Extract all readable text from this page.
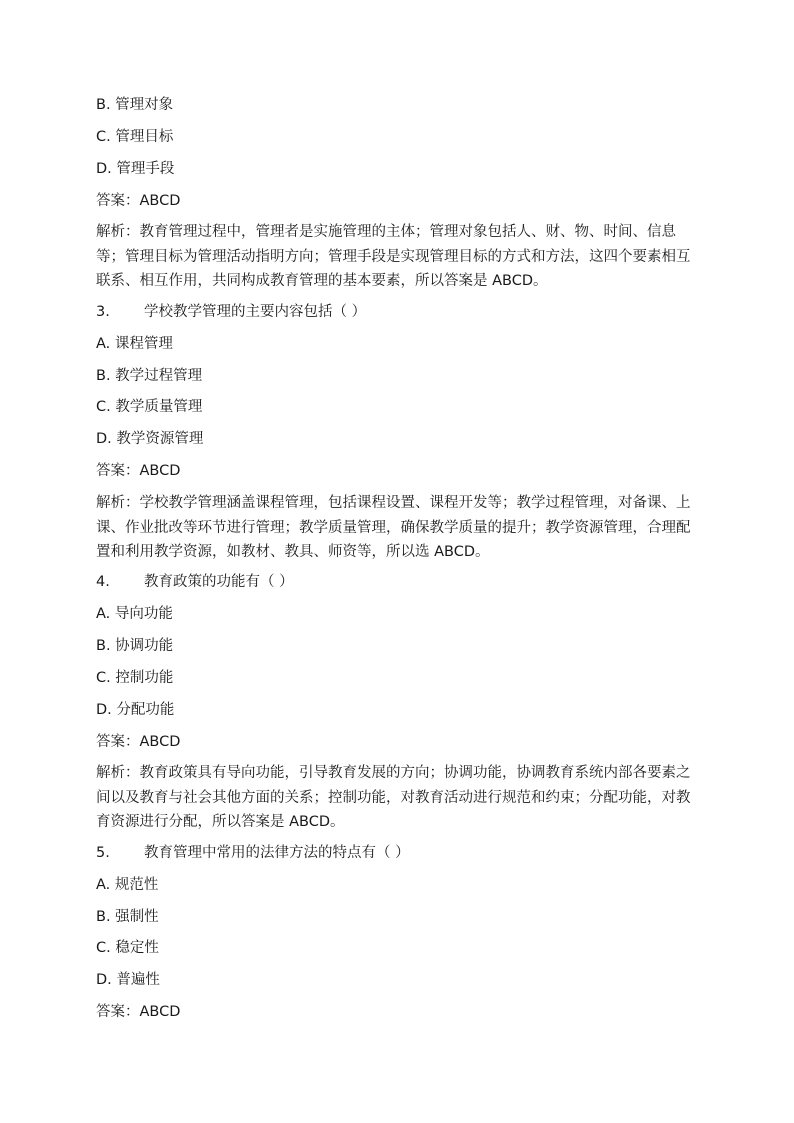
B. 管理对象
C. 管理目标
D. 管理手段
答案：ABCD
解析：教育管理过程中，管理者是实施管理的主体；管理对象包括人、财、物、时间、信息
等；管理目标为管理活动指明方向；管理手段是实现管理目标的方式和方法，这四个要素相互
联系、相互作用，共同构成教育管理的基本要素，所以答案是 ABCD。
3. 学校教学管理的主要内容包括（ ）
A. 课程管理
B. 教学过程管理
C. 教学质量管理
D. 教学资源管理
答案：ABCD
解析：学校教学管理涵盖课程管理，包括课程设置、课程开发等；教学过程管理，对备课、上
课、作业批改等环节进行管理；教学质量管理，确保教学质量的提升；教学资源管理，合理配
置和利用教学资源，如教材、教具、师资等，所以选 ABCD。
4. 教育政策的功能有（ ）
A. 导向功能
B. 协调功能
C. 控制功能
D. 分配功能
答案：ABCD
解析：教育政策具有导向功能，引导教育发展的方向；协调功能，协调教育系统内部各要素之
间以及教育与社会其他方面的关系；控制功能，对教育活动进行规范和约束；分配功能，对教
育资源进行分配，所以答案是 ABCD。
5. 教育管理中常用的法律方法的特点有（ ）
A. 规范性
B. 强制性
C. 稳定性
D. 普遍性
答案：ABCD
